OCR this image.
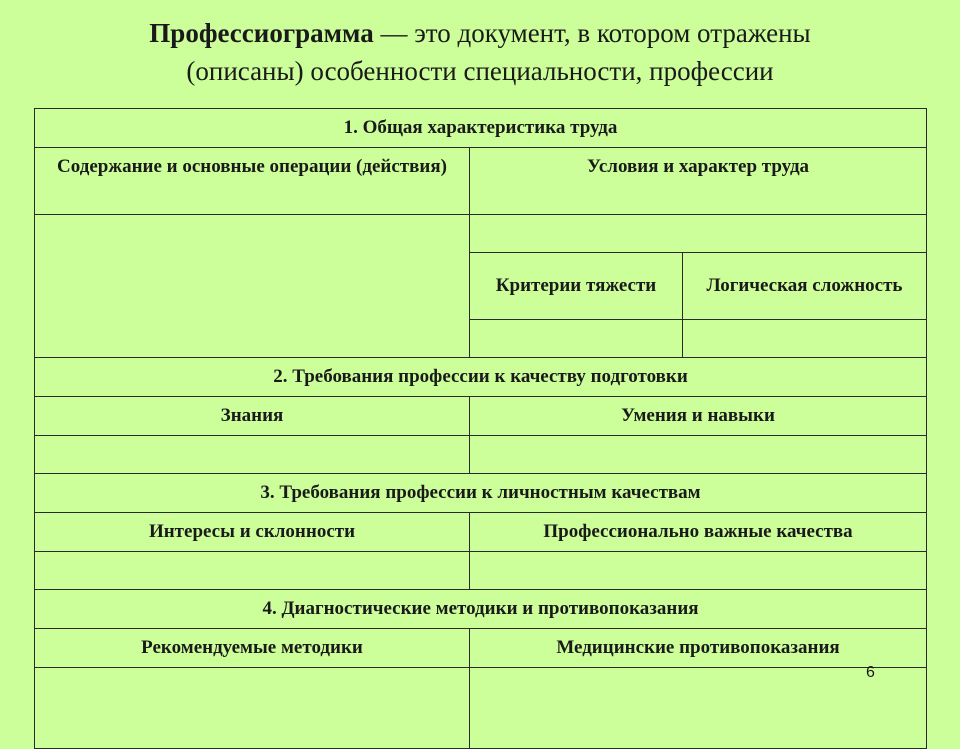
Профессиограмма — это документ, в котором отражены
(описаны) особенности специальности, профессии
1. Общая характеристика труда		
Содержание и основные операции (действия)	Условия и характер труда	

	Критерии тяжести	Логическая сложность

2. Требования профессии к качеству подготовки		
Знания	Умения и навыки	

3. Требования профессии к личностным качествам		
Интересы и склонности	Профессионально важные качества	

4. Диагностические методики и противопоказания		
Рекомендуемые методики	Медицинские противопоказания	

6
